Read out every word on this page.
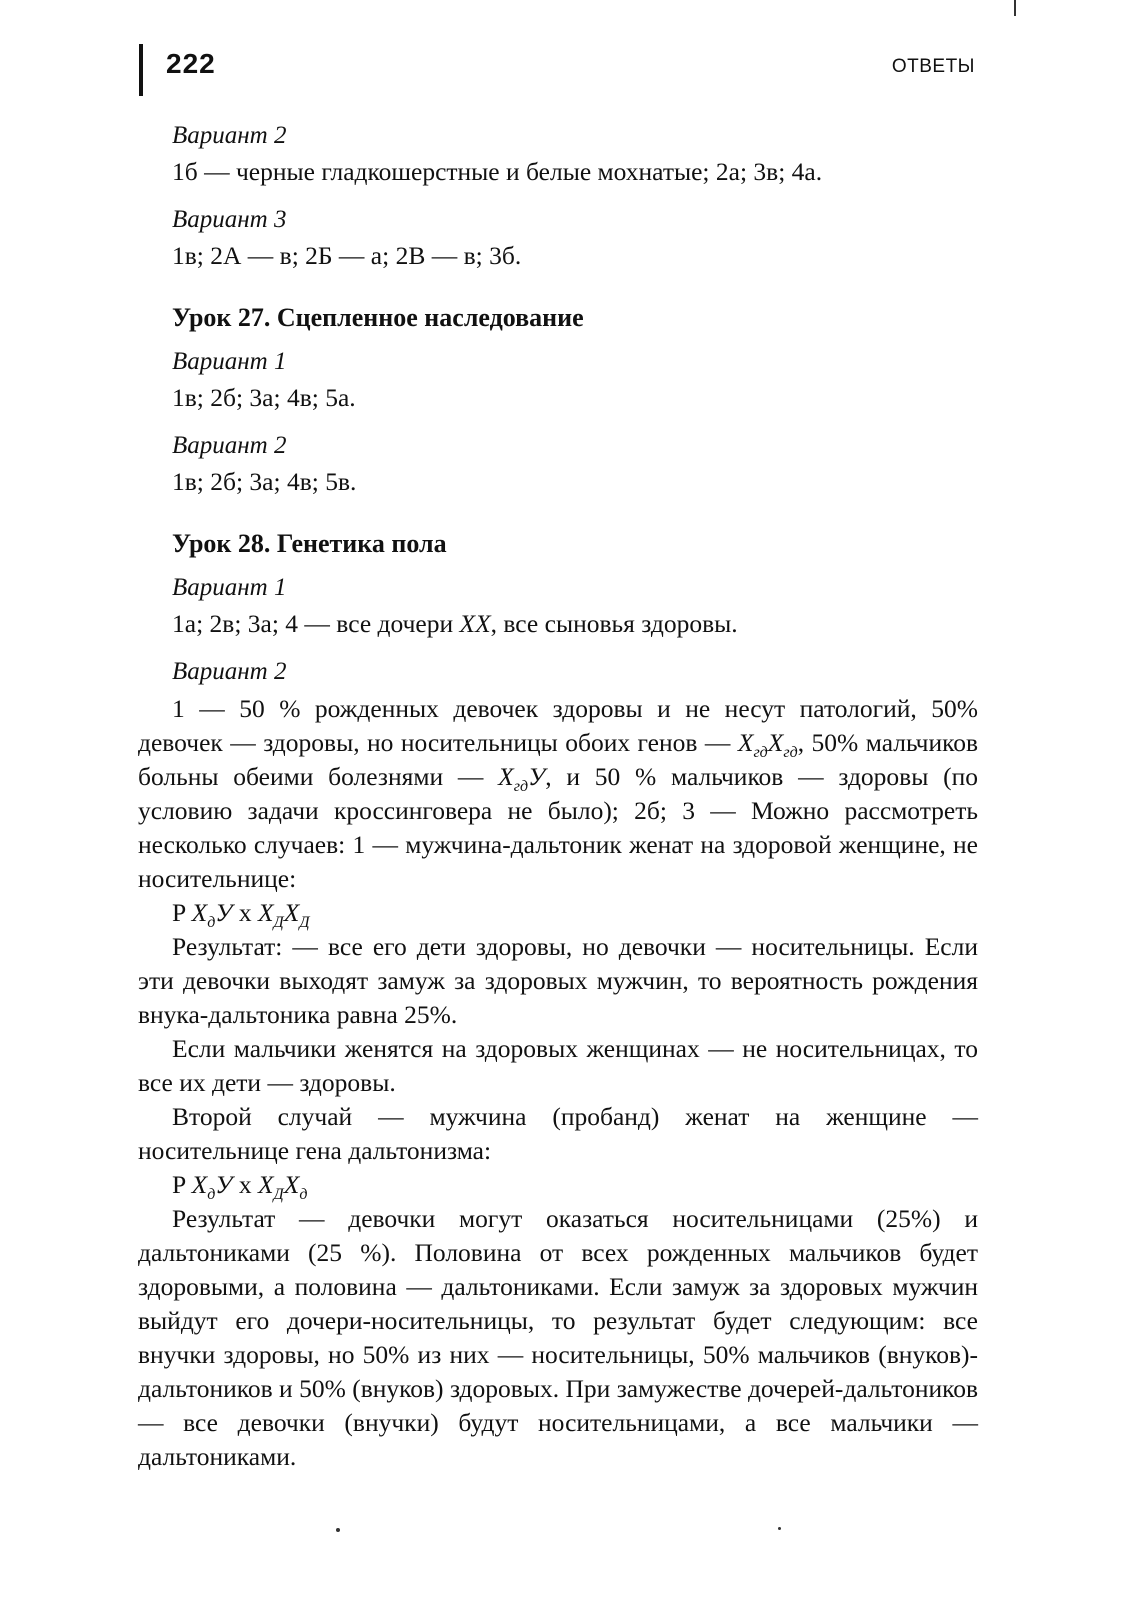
222	ОТВЕТЫ
Вариант 2
1б — черные гладкошерстные и белые мохнатые; 2а; 3в; 4а.
Вариант 3
1в; 2А — в; 2Б — а; 2В — в; 3б.
Урок 27. Сцепленное наследование
Вариант 1
1в; 2б; 3а; 4в; 5а.
Вариант 2
1в; 2б; 3а; 4в; 5в.
Урок 28. Генетика пола
Вариант 1
1а; 2в; 3а; 4 — все дочери XX, все сыновья здоровы.
Вариант 2

1 — 50 % рожденных девочек здоровы и не несут патологий, 50% девочек — здоровы, но носительницы обоих генов — $X_{гд}X_{гд}$, 50% мальчиков больны обеими болезнями — $X_{гд}У$, и 50 % мальчиков — здоровы (по условию задачи кроссинговера не было); 2б; 3 — Можно рассмотреть несколько случаев: 1 — мужчина-дальтоник женат на здоровой женщине, не носительнице:

P $X_дУ$ x $X_ДX_Д$

Результат: — все его дети здоровы, но девочки — носительницы. Если эти девочки выходят замуж за здоровых мужчин, то вероятность рождения внука-дальтоника равна 25%.

Если мальчики женятся на здоровых женщинах — не носительницах, то все их дети — здоровы.

Второй случай — мужчина (пробанд) женат на женщине — носительнице гена дальтонизма:

P $X_дУ$ x $X_ДX_д$

Результат — девочки могут оказаться носительницами (25%) и дальтониками (25 %). Половина от всех рожденных мальчиков будет здоровыми, а половина — дальтониками. Если замуж за здоровых мужчин выйдут его дочери-носительницы, то результат будет следующим: все внучки здоровы, но 50% из них — носительницы, 50% мальчиков (внуков)-дальтоников и 50% (внуков) здоровых. При замужестве дочерей-дальтоников — все девочки (внучки) будут носительницами, а все мальчики — дальтониками.
